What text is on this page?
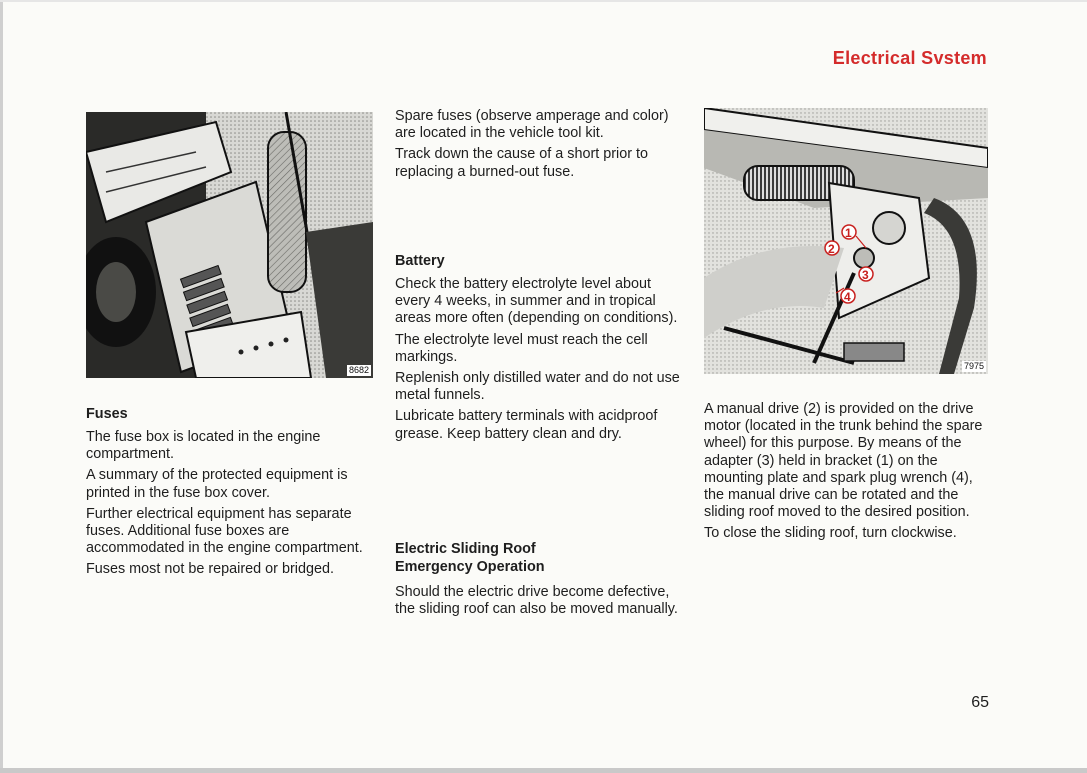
Electrical Svstem
8682
1
2
3
4
7975
Fuses

The fuse box is located in the engine compartment.

A summary of the protected equipment is printed in the fuse box cover.

Further electrical equipment has separate fuses. Additional fuse boxes are accommodated in the engine compartment.

Fuses most not be repaired or bridged.

Spare fuses (observe amperage and color) are located in the vehicle tool kit.

Track down the cause of a short prior to replacing a burned-out fuse.

Battery

Check the battery electrolyte level about every 4 weeks, in summer and in tropical areas more often (depending on conditions).

The electrolyte level must reach the cell markings.

Replenish only distilled water and do not use metal funnels.

Lubricate battery terminals with acidproof grease. Keep battery clean and dry.

Electric Sliding Roof
Emergency Operation

Should the electric drive become defective, the sliding roof can also be moved manually.

A manual drive (2) is provided on the drive motor (located in the trunk behind the spare wheel) for this purpose. By means of the adapter (3) held in bracket (1) on the mounting plate and spark plug wrench (4), the manual drive can be rotated and the sliding roof moved to the desired position.

To close the sliding roof, turn clockwise.

65
